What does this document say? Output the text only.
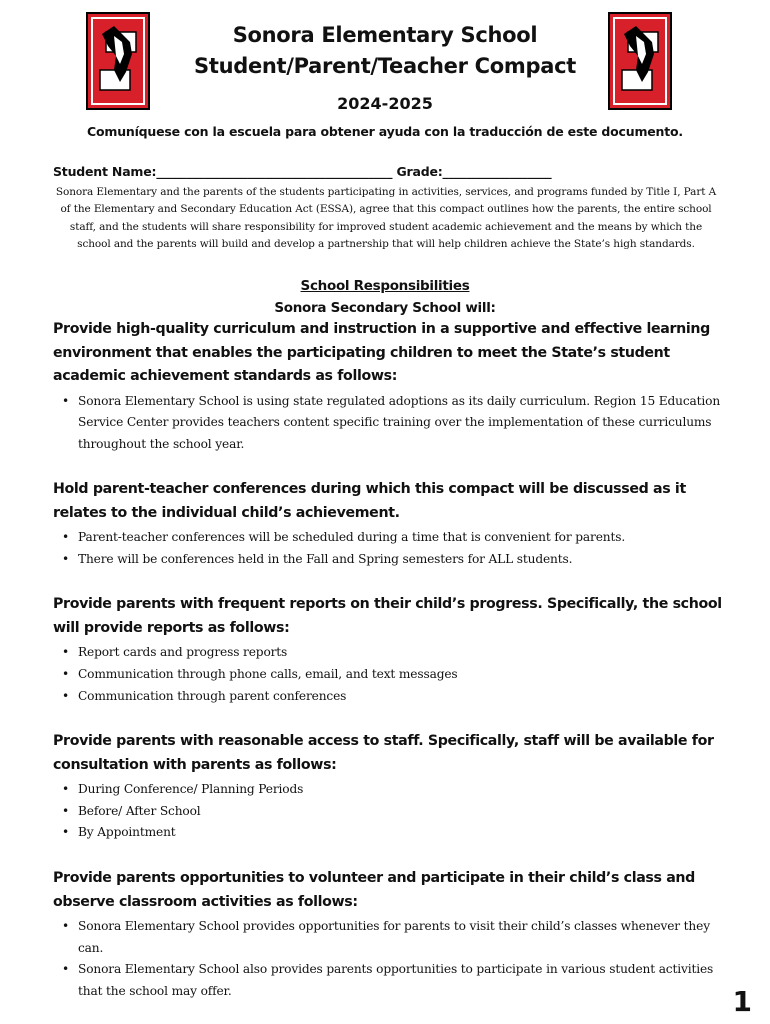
Sonora Elementary School
Student/Parent/Teacher Compact
2024-2025
Comuníquese con la escuela para obtener ayuda con la traducción de este documento.
Student Name:_______________________________________ Grade:__________________
Sonora Elementary and the parents of the students participating in activities, services, and programs funded by Title I, Part A of the Elementary and Secondary Education Act (ESSA), agree that this compact outlines how the parents, the entire school staff, and the students will share responsibility for improved student academic achievement and the means by which the school and the parents will build and develop a partnership that will help children achieve the State’s high standards.
School Responsibilities
Sonora Secondary School will:

Provide high-quality curriculum and instruction in a supportive and effective learning environment that enables the participating children to meet the State’s student academic achievement standards as follows:

• Sonora Elementary School is using state regulated adoptions as its daily curriculum. Region 15 Education Service Center provides teachers content specific training over the implementation of these curriculums throughout the school year.

Hold parent-teacher conferences during which this compact will be discussed as it relates to the individual child’s achievement.

• Parent-teacher conferences will be scheduled during a time that is convenient for parents.
• There will be conferences held in the Fall and Spring semesters for ALL students.

Provide parents with frequent reports on their child’s progress. Specifically, the school will provide reports as follows:

• Report cards and progress reports
• Communication through phone calls, email, and text messages
• Communication through parent conferences

Provide parents with reasonable access to staff. Specifically, staff will be available for consultation with parents as follows:

• During Conference/ Planning Periods
• Before/ After School
• By Appointment

Provide parents opportunities to volunteer and participate in their child’s class and observe classroom activities as follows:

• Sonora Elementary School provides opportunities for parents to visit their child’s classes whenever they can.
• Sonora Elementary School also provides parents opportunities to participate in various student activities that the school may offer.	1
